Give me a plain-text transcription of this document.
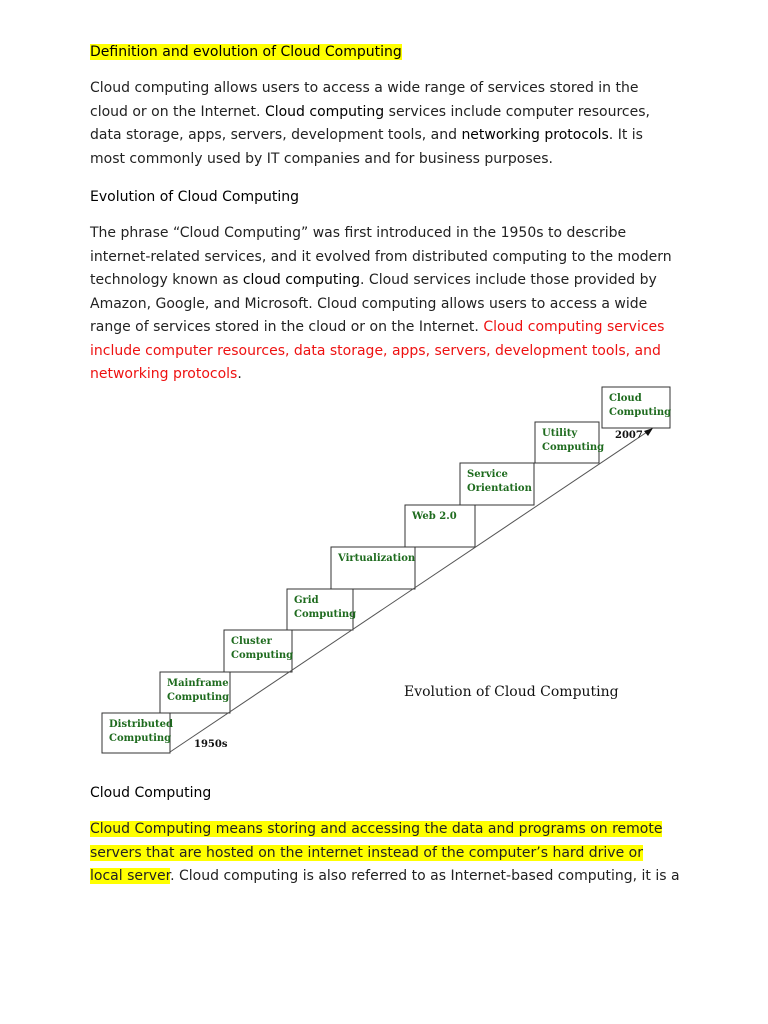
Definition and evolution of Cloud Computing

Cloud computing allows users to access a wide range of services stored in the cloud or on the Internet. Cloud computing services include computer resources, data storage, apps, servers, development tools, and networking protocols. It is most commonly used by IT companies and for business purposes.

Evolution of Cloud Computing

The phrase “Cloud Computing” was first introduced in the 1950s to describe internet-related services, and it evolved from distributed computing to the modern technology known as cloud computing. Cloud services include those provided by Amazon, Google, and Microsoft. Cloud computing allows users to access a wide range of services stored in the cloud or on the Internet. Cloud computing services include computer resources, data storage, apps, servers, development tools, and networking protocols.

Cloud Computing

Cloud Computing means storing and accessing the data and programs on remote servers that are hosted on the internet instead of the computer’s hard drive or local server. Cloud computing is also referred to as Internet-based computing, it is a

Distributed
Computing
Mainframe
Computing
Cluster
Computing
Grid
Computing
Virtualization
Web 2.0
Service
Orientation
Utility
Computing
Cloud
Computing
1950s
2007
Evolution of Cloud Computing
